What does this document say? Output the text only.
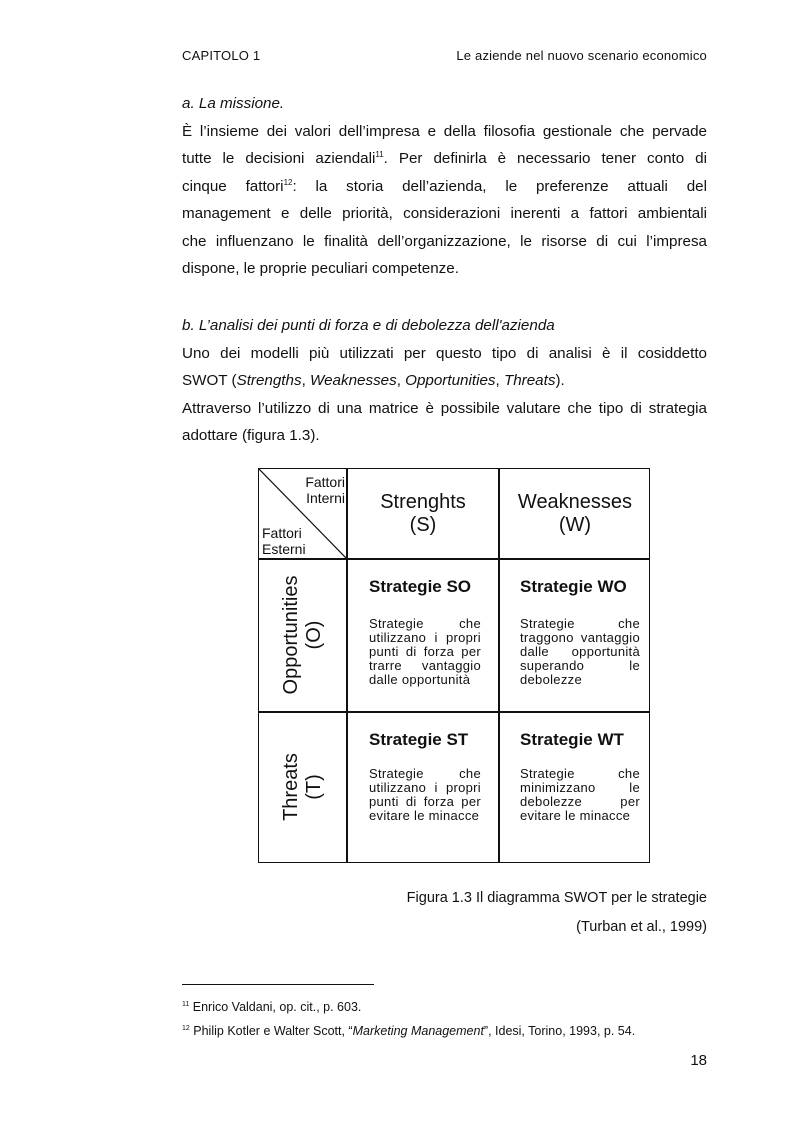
CAPITOLO 1	Le aziende nel nuovo scenario economico
a. La missione.
È l’insieme dei valori dell’impresa e della filosofia gestionale che pervade
tutte le decisioni aziendali$^{11}$. Per definirla è necessario tener conto di
cinque fattori$^{12}$: la storia dell’azienda, le preferenze attuali del
management e delle priorità, considerazioni inerenti a fattori ambientali
che influenzano le finalità dell’organizzazione, le risorse di cui l’impresa
dispone, le proprie peculiari competenze.
b. L’analisi dei punti di forza e di debolezza dell'azienda
Uno dei modelli più utilizzati per questo tipo di analisi è il cosiddetto
SWOT (Strengths, Weaknesses, Opportunities, Threats).
Attraverso l’utilizzo di una matrice è possibile valutare che tipo di strategia
adottare (figura 1.3).
Fattori
Interni
Fattori
Esterni
Strenghts
(S)
Weaknesses
(W)
Opportunities (O)
Threats (T)
Strategie SO
Strategie che utilizzano i propri punti di forza per trarre vantaggio dalle opportunità
Strategie WO
Strategie che traggono vantaggio dalle opportunità superando le debolezze
Strategie ST
Strategie che utilizzano i propri punti di forza per evitare le minacce
Strategie WT
Strategie che minimizzano le debolezze per evitare le minacce
Figura 1.3 Il diagramma SWOT per le strategie
(Turban et al., 1999)
$^{11}$ Enrico Valdani, op. cit., p. 603.
$^{12}$ Philip Kotler e Walter Scott, “Marketing Management”, Idesi, Torino, 1993, p. 54.
18
